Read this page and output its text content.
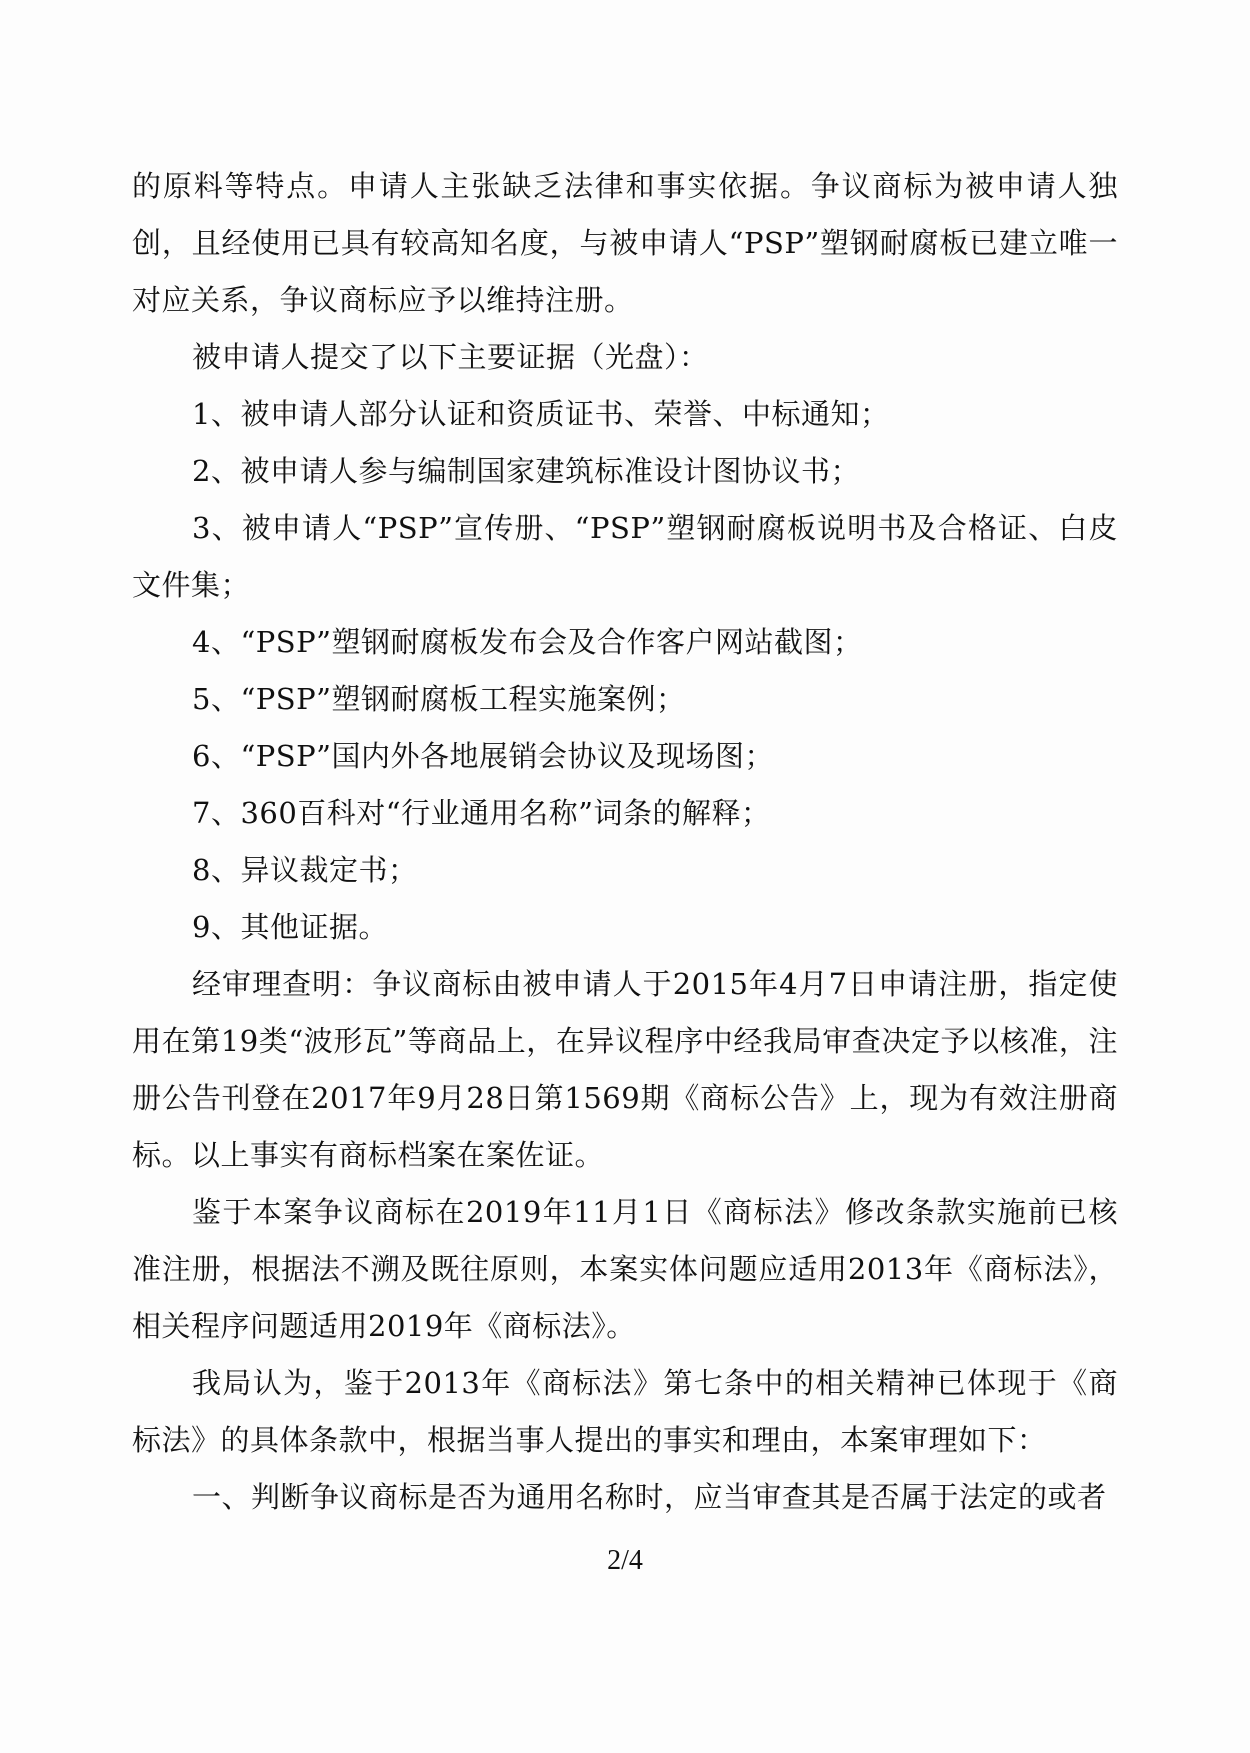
的原料等特点。申请人主张缺乏法律和事实依据。争议商标为被申请人独创，且经使用已具有较高知名度，与被申请人“PSP”塑钢耐腐板已建立唯一对应关系，争议商标应予以维持注册。

被申请人提交了以下主要证据（光盘）：

1、被申请人部分认证和资质证书、荣誉、中标通知；

2、被申请人参与编制国家建筑标准设计图协议书；

3、被申请人“PSP”宣传册、“PSP”塑钢耐腐板说明书及合格证、白皮文件集；

4、“PSP”塑钢耐腐板发布会及合作客户网站截图；

5、“PSP”塑钢耐腐板工程实施案例；

6、“PSP”国内外各地展销会协议及现场图；

7、360百科对“行业通用名称”词条的解释；

8、异议裁定书；

9、其他证据。

经审理查明：争议商标由被申请人于2015年4月7日申请注册，指定使用在第19类“波形瓦”等商品上，在异议程序中经我局审查决定予以核准，注册公告刊登在2017年9月28日第1569期《商标公告》上，现为有效注册商标。以上事实有商标档案在案佐证。

鉴于本案争议商标在2019年11月1日《商标法》修改条款实施前已核准注册，根据法不溯及既往原则，本案实体问题应适用2013年《商标法》，相关程序问题适用2019年《商标法》。

我局认为，鉴于2013年《商标法》第七条中的相关精神已体现于《商标法》的具体条款中，根据当事人提出的事实和理由，本案审理如下：

一、判断争议商标是否为通用名称时，应当审查其是否属于法定的或者

2/4
